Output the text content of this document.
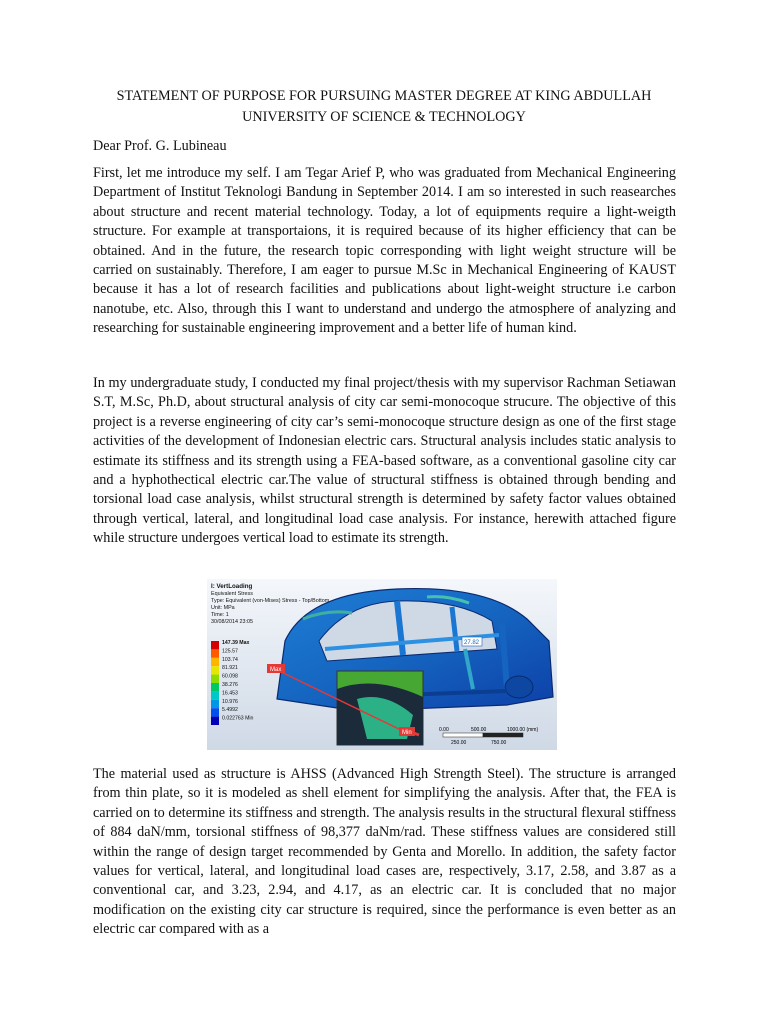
STATEMENT OF PURPOSE FOR PURSUING MASTER DEGREE AT KING ABDULLAH UNIVERSITY OF SCIENCE & TECHNOLOGY

Dear Prof. G. Lubineau

First, let me introduce my self. I am Tegar Arief P, who was graduated from Mechanical Engineering Department of Institut Teknologi Bandung in September 2014. I am so interested in such reasearches about structure and recent material technology. Today, a lot of equipments require a light-weigth structure. For example at transportaions, it is required because of its higher efficiency that can be obtained. And in the future, the research topic corresponding with light weight structure will be carried on sustainably. Therefore, I am eager to pursue M.Sc in Mechanical Engineering of KAUST because it has a lot of research facilities and publications about light-weight structure i.e carbon nanotube, etc. Also, through this I want to understand and undergo the atmosphere of analyzing and researching for sustainable engineering improvement and a better life of human kind.

In my undergraduate study, I conducted my final project/thesis with my supervisor Rachman Setiawan S.T, M.Sc, Ph.D, about structural analysis of city car semi-monocoque strucure. The objective of this project is a reverse engineering of city car’s semi-monocoque structure design as one of the first stage activities of the development of Indonesian electric cars. Structural analysis includes static analysis to estimate its stiffness and its strength using a FEA-based software, as a conventional gasoline city car and a hyphothectical electric car.The value of structural stiffness is obtained through bending and torsional load case analysis, whilst structural strength is determined by safety factor values obtained through vertical, lateral, and longitudinal load case analysis. For instance, herewith attached figure while structure undergoes vertical load to estimate its strength.

Max
Min
27.82
I: VertLoading
Equivalent Stress
Type: Equivalent (von-Mises) Stress - Top/Bottom
Unit: MPa
Time: 1
30/08/2014 23:05
147.39 Max
125.57
103.74
81.921
60.098
38.276
16.453
10.976
5.4992
0.022763 Min
0.00	500.00	1000.00 (mm)
250.00	750.00

The material used as structure is AHSS (Advanced High Strength Steel). The structure is arranged from thin plate, so it is modeled as shell element for simplifying the analysis. After that, the FEA is carried on to determine its stiffness and strength. The analysis results in the structural flexural stiffness of 884 daN/mm, torsional stiffness of 98,377 daNm/rad. These stiffness values are considered still within the range of design target recommended by Genta and Morello. In addition, the safety factor values for vertical, lateral, and longitudinal load cases are, respectively, 3.17, 2.58, and 3.87 as a conventional car, and 3.23, 2.94, and 4.17, as an electric car. It is concluded that no major modification on the existing city car structure is required, since the performance is even better as an electric car compared with as a
